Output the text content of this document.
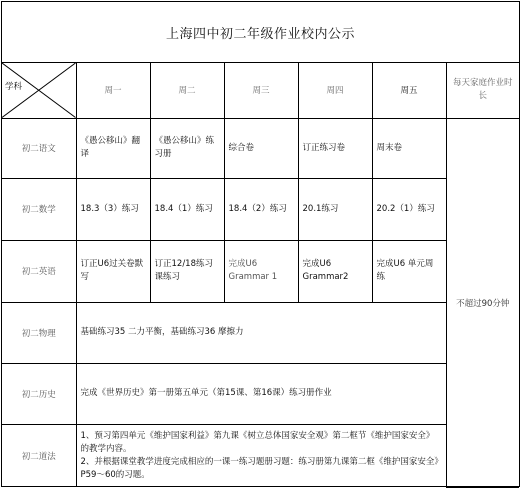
上海四中初二年级作业校内公示
学科	周一	周二	周三	周四	周五	每天家庭作业时长
初二语文	《愚公移山》翻译	《愚公移山》练习册	综合卷	订正练习卷	周末卷	不超过90分钟
初二数学	18.3（3）练习	18.4（1）练习	18.4（2）练习	20.1练习	20.2（1）练习	
初二英语	订正U6过关卷默写	订正12/18练习课练习	完成U6 Grammar 1	完成U6 Grammar2	完成U6 单元周练	
初二物理	基础练习35 二力平衡，基础练习36 摩擦力					
初二历史	完成《世界历史》第一册第五单元（第15课、第16课）练习册作业					
初二道法	1、预习第四单元《维护国家利益》第九课《树立总体国家安全观》第二框节《维护国家安全》的教学内容。
2、并根据课堂教学进度完成相应的一课一练习题册习题：练习册第九课第二框《维护国家安全》P59～60的习题。					
